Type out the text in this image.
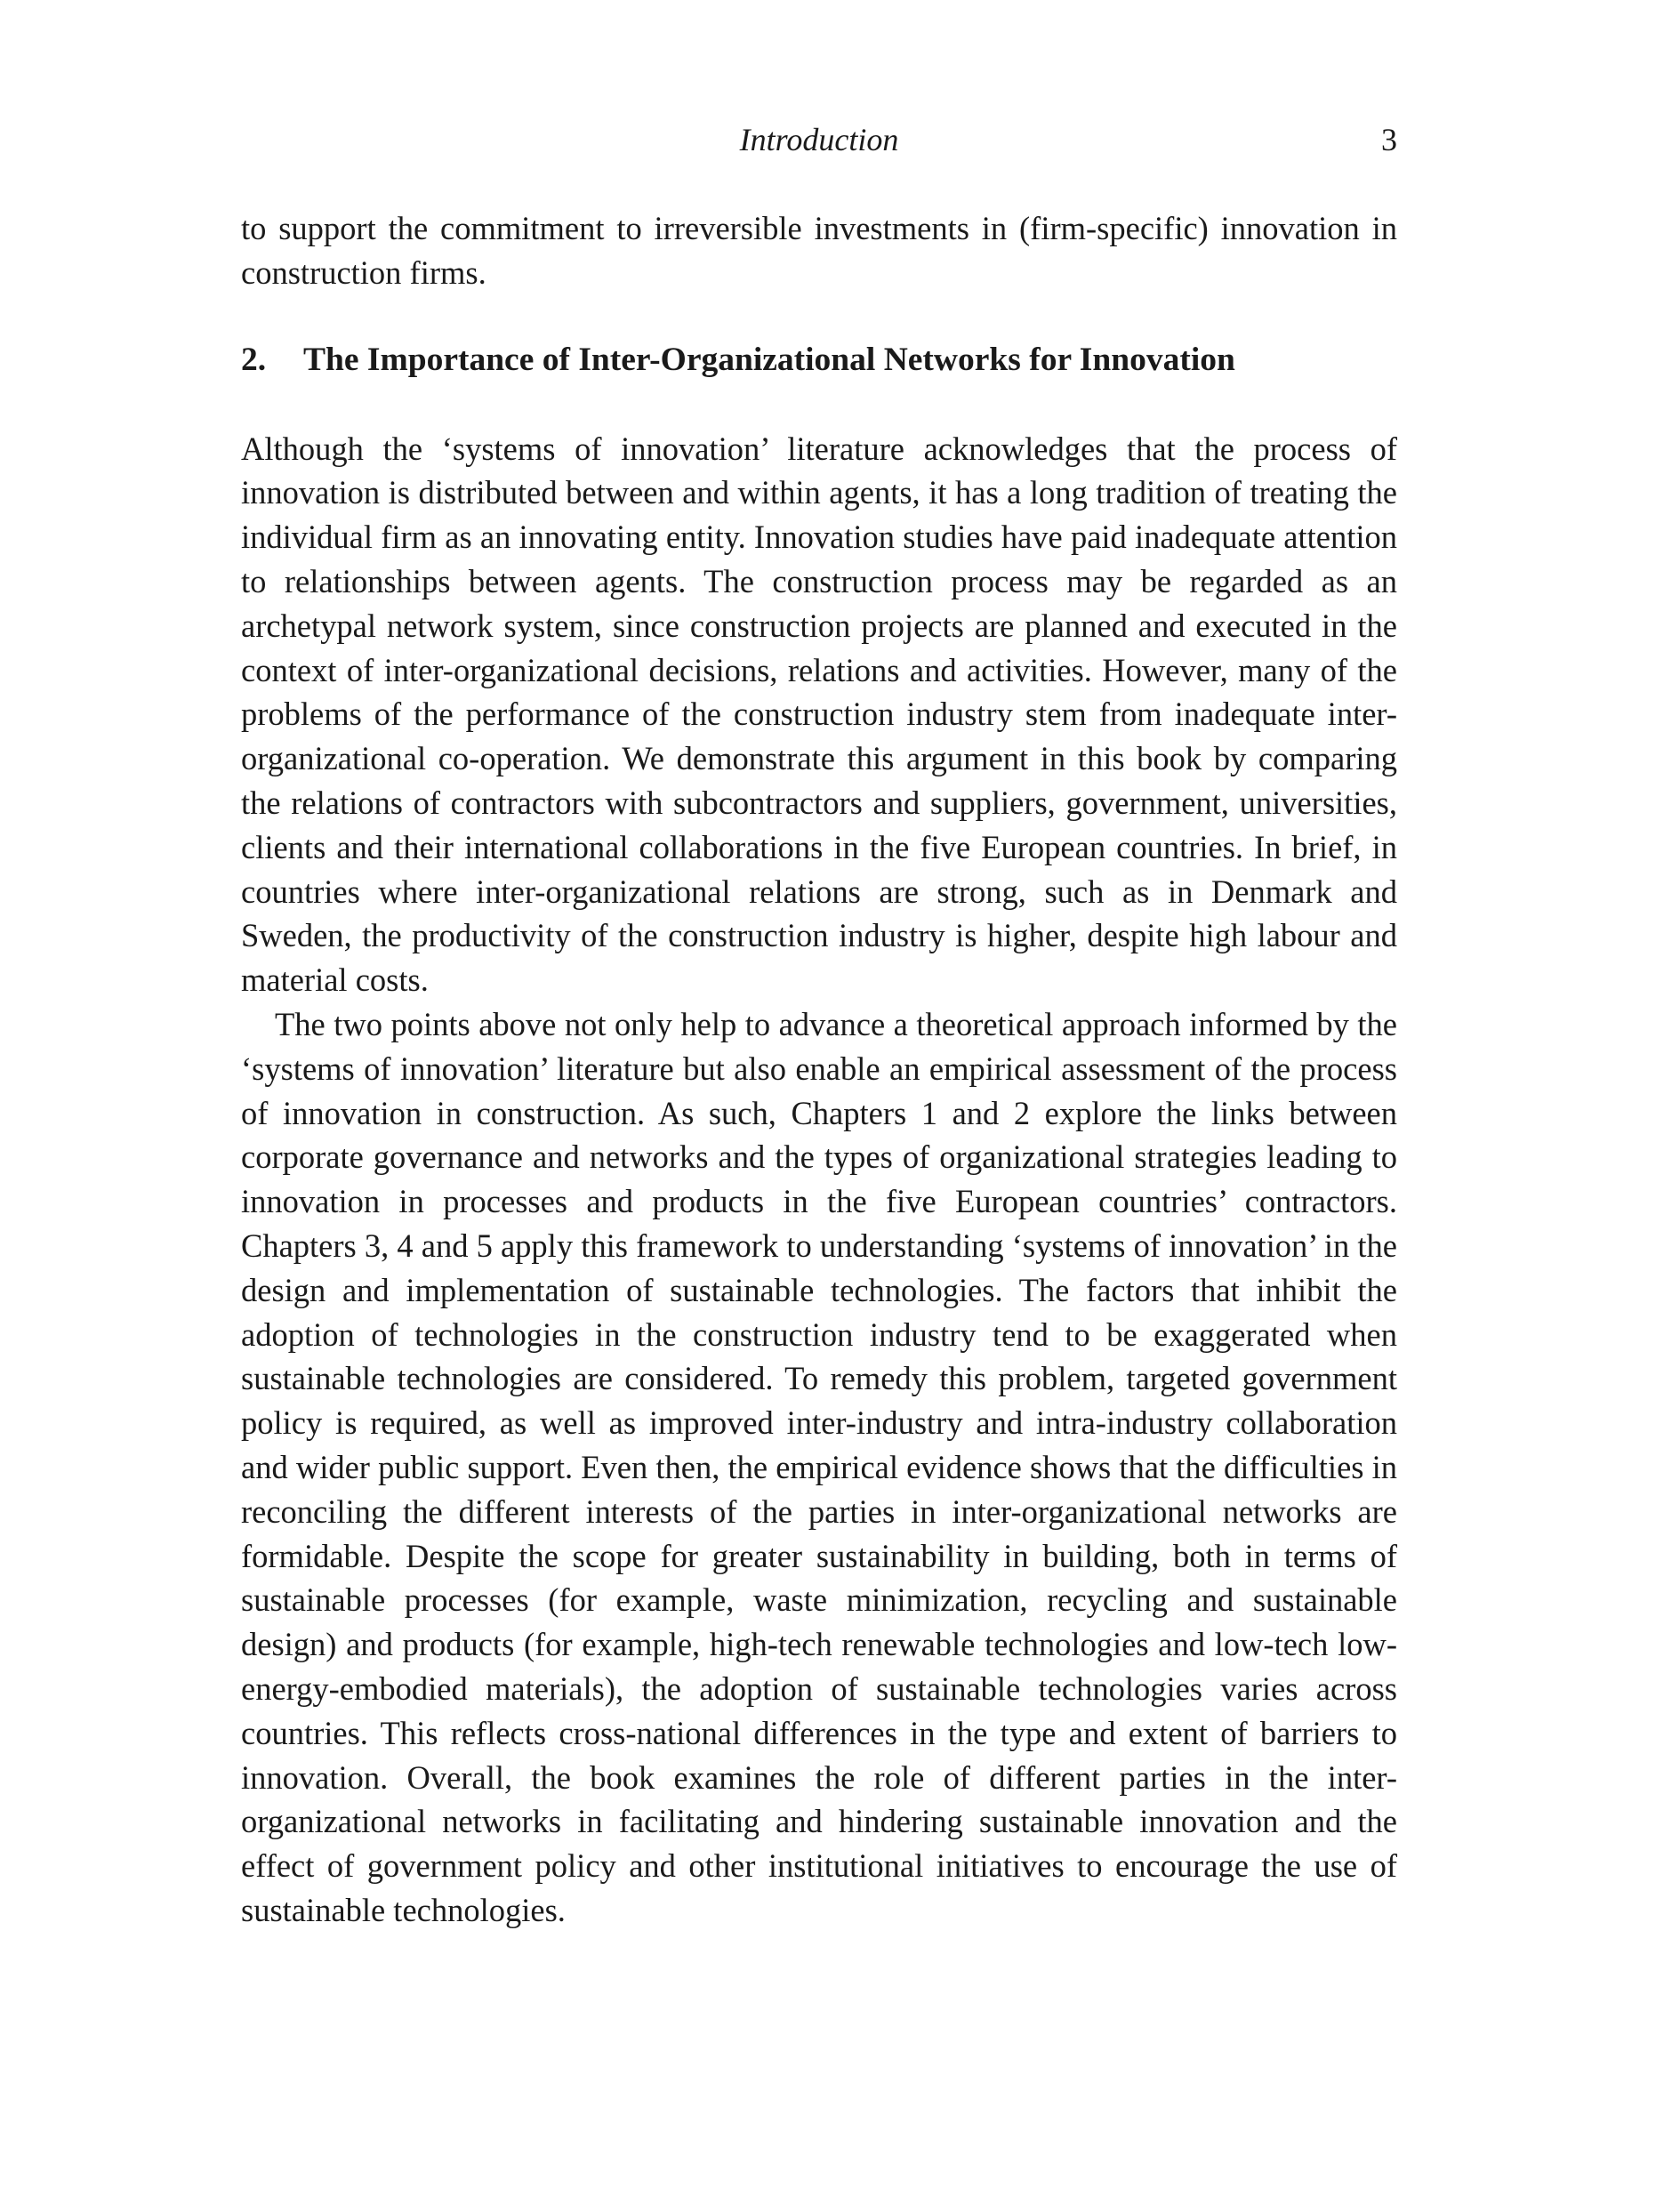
Introduction	3

to support the commitment to irreversible investments in (firm-specific) innovation in construction firms.

2. The Importance of Inter-Organizational Networks for Innovation

Although the ‘systems of innovation’ literature acknowledges that the process of innovation is distributed between and within agents, it has a long tradition of treating the individual firm as an innovating entity. Innovation studies have paid inadequate attention to relationships between agents. The construction process may be regarded as an archetypal network system, since construction projects are planned and executed in the context of inter-organizational decisions, relations and activities. However, many of the problems of the performance of the construction industry stem from inadequate inter-organizational co-operation. We demonstrate this argument in this book by comparing the relations of contractors with subcontractors and suppliers, government, universities, clients and their international collaborations in the five European countries. In brief, in countries where inter-organizational relations are strong, such as in Denmark and Sweden, the productivity of the construction industry is higher, despite high labour and material costs.

The two points above not only help to advance a theoretical approach informed by the ‘systems of innovation’ literature but also enable an empirical assessment of the process of innovation in construction. As such, Chapters 1 and 2 explore the links between corporate governance and networks and the types of organizational strategies leading to innovation in processes and products in the five European countries’ contractors. Chapters 3, 4 and 5 apply this framework to understanding ‘systems of innovation’ in the design and implementation of sustainable technologies. The factors that inhibit the adoption of technologies in the construction industry tend to be exaggerated when sustainable technologies are considered. To remedy this problem, targeted government policy is required, as well as improved inter-industry and intra-industry collaboration and wider public support. Even then, the empirical evidence shows that the difficulties in reconciling the different interests of the parties in inter-organizational networks are formidable. Despite the scope for greater sustainability in building, both in terms of sustainable processes (for example, waste minimization, recycling and sustainable design) and products (for example, high-tech renewable technologies and low-tech low-energy-embodied materials), the adoption of sustainable technologies varies across countries. This reflects cross-national differences in the type and extent of barriers to innovation. Overall, the book examines the role of different parties in the inter-organizational networks in facilitating and hindering sustainable innovation and the effect of government policy and other institutional initiatives to encourage the use of sustainable technologies.
